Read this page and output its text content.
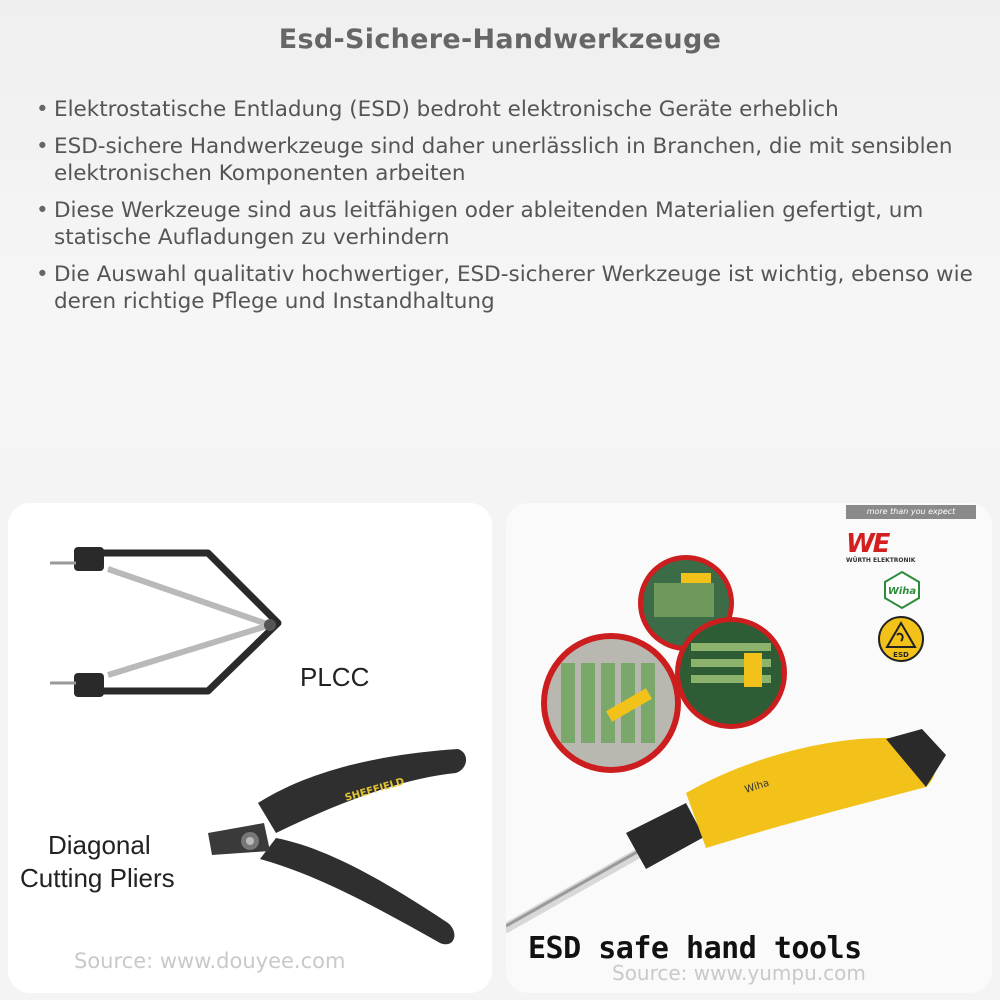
Esd-Sichere-Handwerkzeuge
• Elektrostatische Entladung (ESD) bedroht elektronische Geräte erheblich
• ESD-sichere Handwerkzeuge sind daher unerlässlich in Branchen, die mit sensiblen elektronischen Komponenten arbeiten
• Diese Werkzeuge sind aus leitfähigen oder ableitenden Materialien gefertigt, um statische Aufladungen zu verhindern
• Die Auswahl qualitativ hochwertiger, ESD-sicherer Werkzeuge ist wichtig, ebenso wie deren richtige Pflege und Instandhaltung
SHEFFIELD
PLCC
Diagonal
Cutting Pliers
Source: www.douyee.com
Wiha
more than you expect
WE
WÜRTH ELEKTRONIK
Wiha
ESD
ESD safe hand tools
Source: www.yumpu.com
